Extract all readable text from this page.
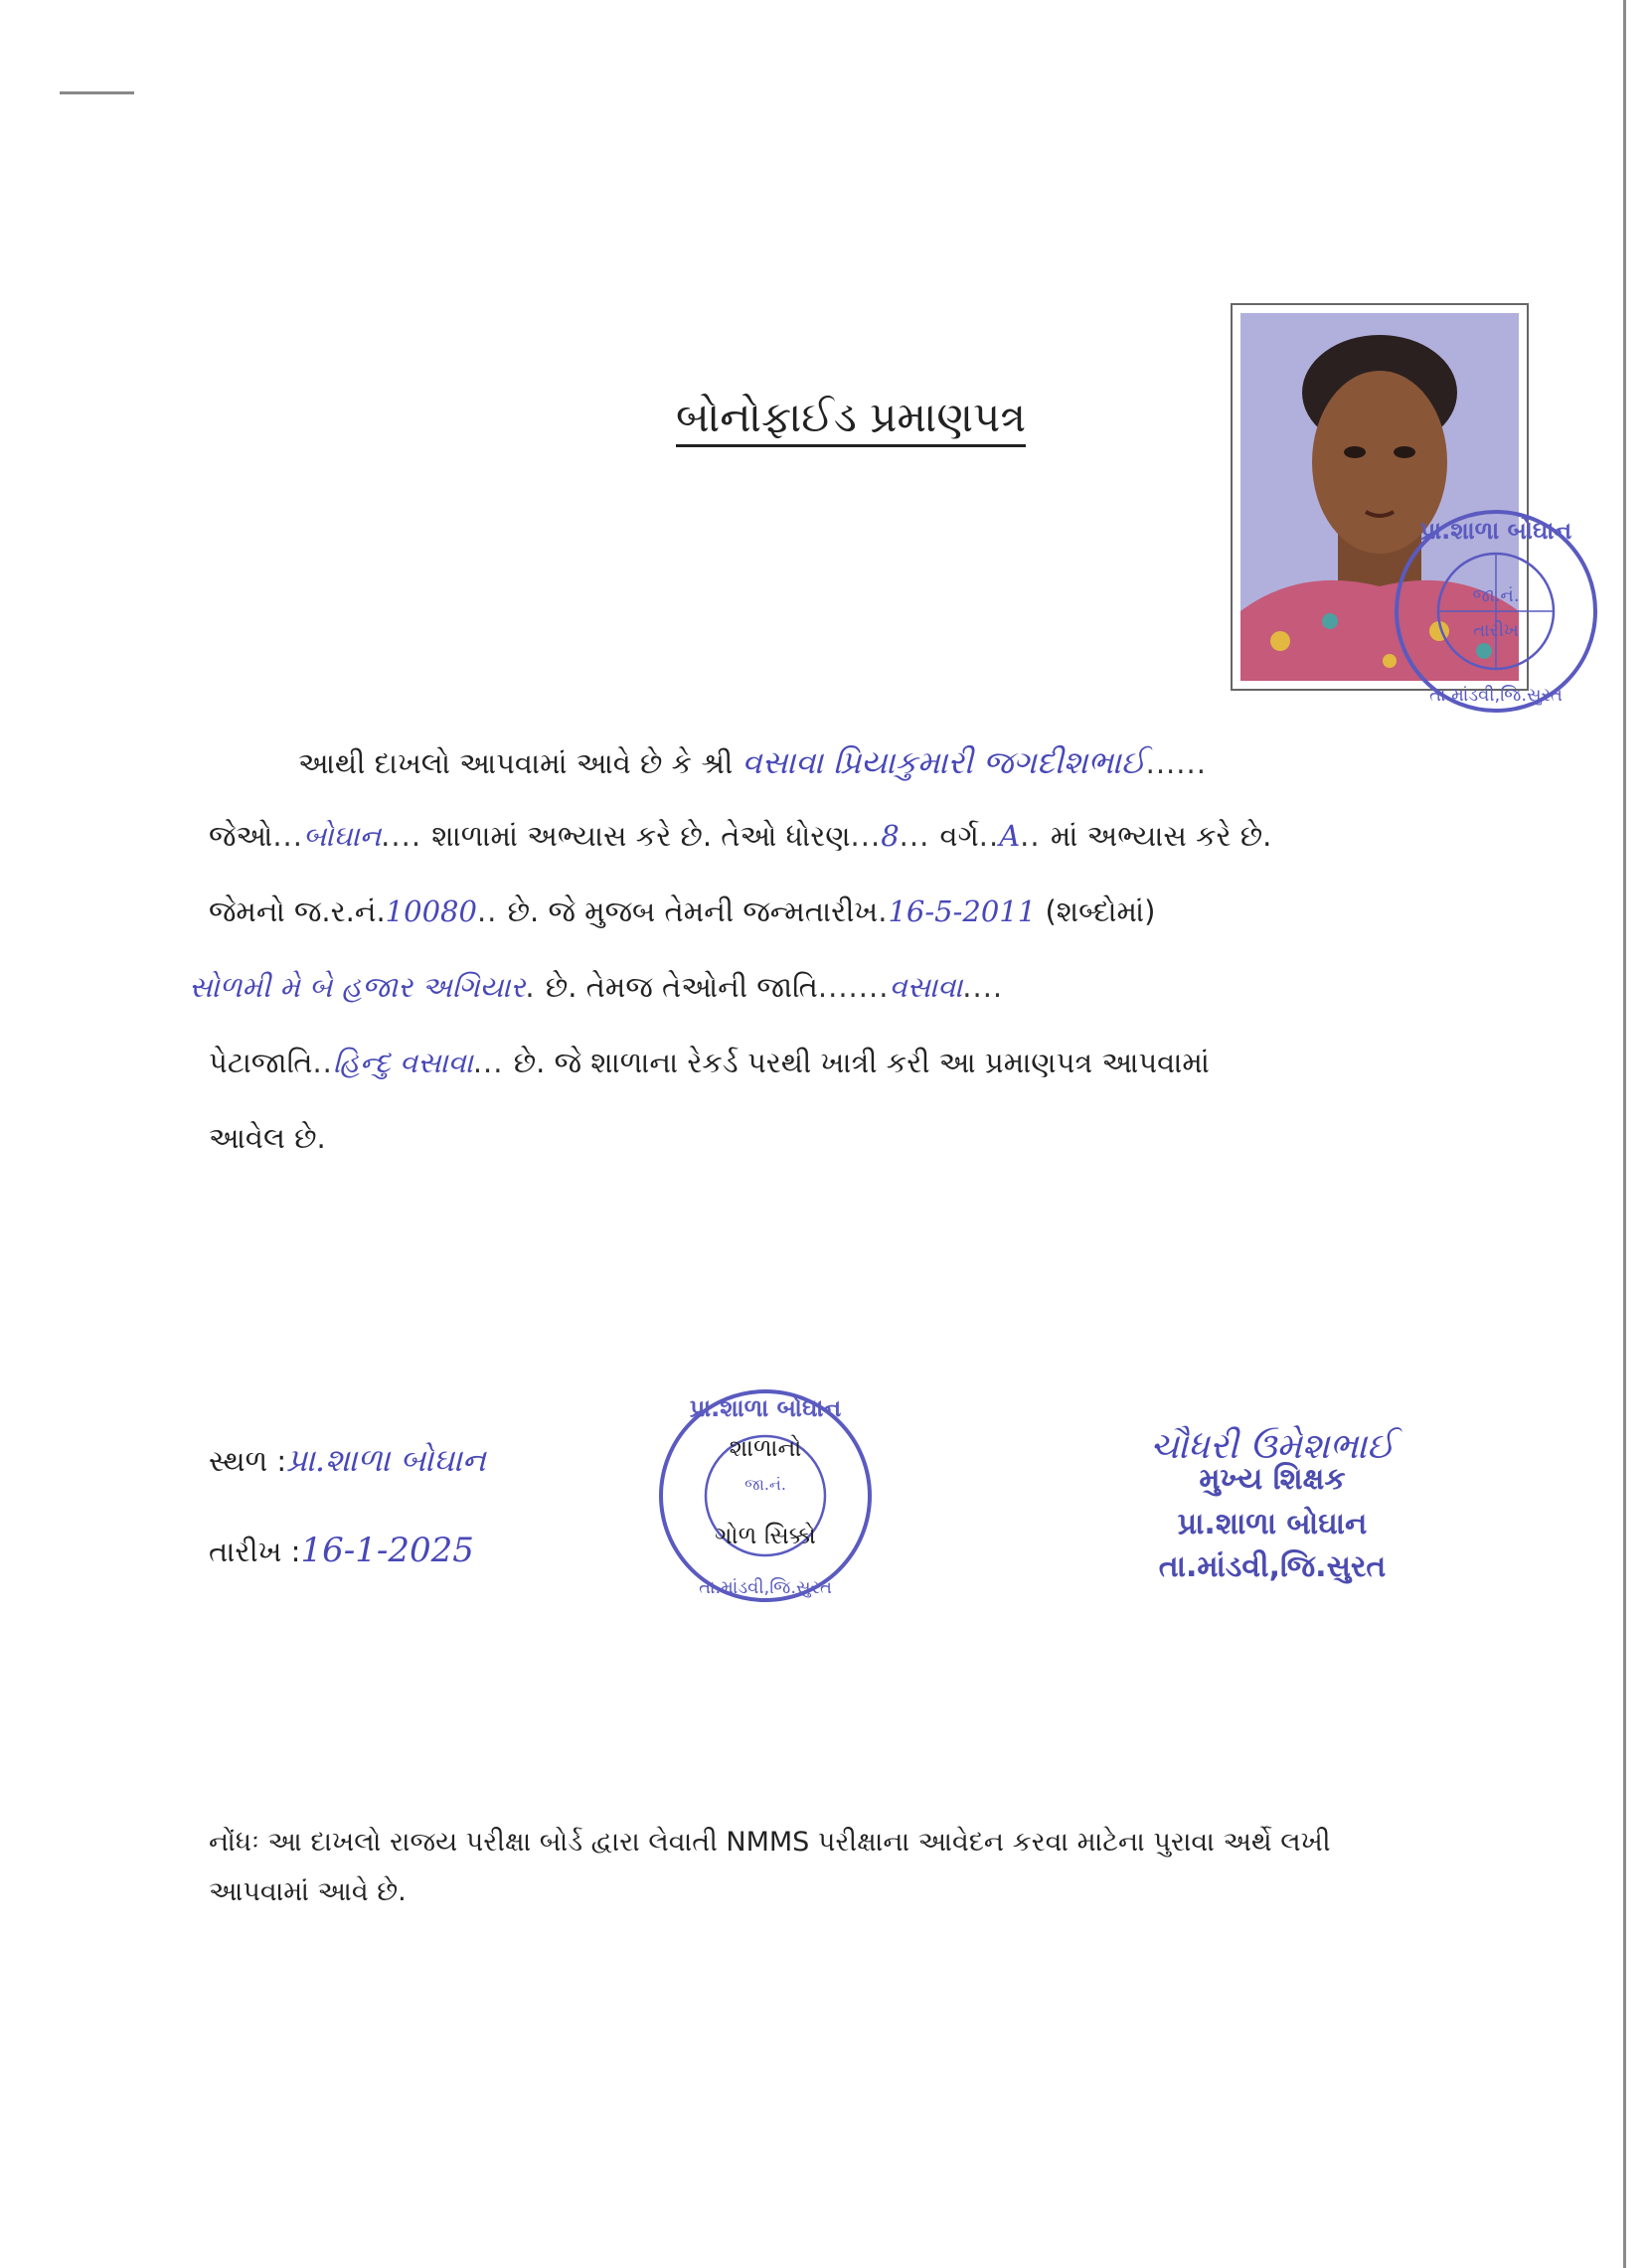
બોનોફાઈડ પ્રમાણપત્ર
જા.નં.
તારીખ
પ્રા.શાળા બોઘાન
તા.માંડવી,જિ.સુરત
આથી દાખલો આપવામાં આવે છે કે શ્રી વસાવા પ્રિયાકુમારી જગદીશભાઈ......
જેઓ...બોઘાન.... શાળામાં અભ્યાસ કરે છે. તેઓ ધોરણ...8... વર્ગ..A.. માં અભ્યાસ કરે છે.
જેમનો જ.ર.નં.10080.. છે. જે મુજબ તેમની જન્મતારીખ.16-5-2011 (શબ્દોમાં)
સોળમી મે બે હજાર અગિયાર. છે. તેમજ તેઓની જાતિ.......વસાવા....
પેટાજાતિ..હિન્દુ વસાવા... છે. જે શાળાના રેકર્ડ પરથી ખાત્રી કરી આ પ્રમાણપત્ર આપવામાં
આવેલ છે.
સ્થળ :પ્રા.શાળા બોઘાન
તારીખ :16-1-2025
પ્રા.શાળા બોઘાન
જા.નં.
તા.માંડવી,જિ.સુરત
શાળાનો
ગોળ સિક્કો
ચૌધરી ઉમેશભાઈ
મુખ્ય શિક્ષક
પ્રા.શાળા બોઘાન
તા.માંડવી,જિ.સુરત
નોંધઃ આ દાખલો રાજય પરીક્ષા બોર્ડ દ્વારા લેવાતી NMMS પરીક્ષાના આવેદન કરવા માટેના પુરાવા અર્થે લખી
આપવામાં આવે છે.
